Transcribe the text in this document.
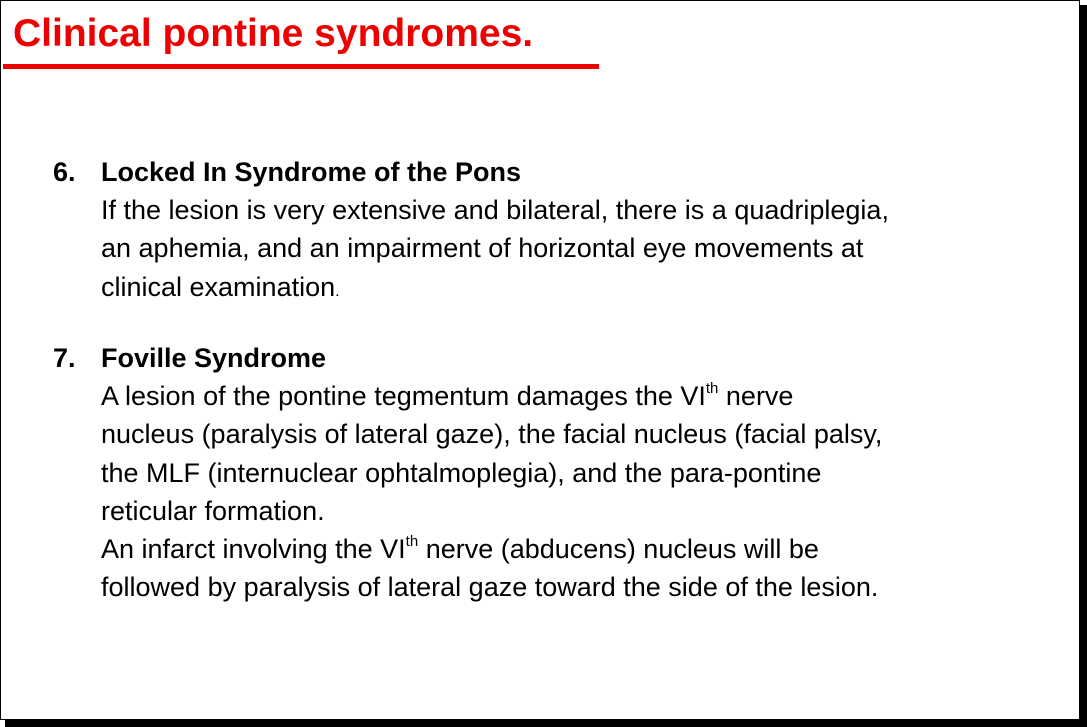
Clinical pontine syndromes.
6. Locked In Syndrome of the Pons
If the lesion is very extensive and bilateral, there is a quadriplegia,
an aphemia, and an impairment of horizontal eye movements at
clinical examination.
7. Foville Syndrome
A lesion of the pontine tegmentum damages the VIth nerve
nucleus (paralysis of lateral gaze), the facial nucleus (facial palsy,
the MLF (internuclear ophtalmoplegia), and the para-pontine
reticular formation.
An infarct involving the VIth nerve (abducens) nucleus will be
followed by paralysis of lateral gaze toward the side of the lesion.
